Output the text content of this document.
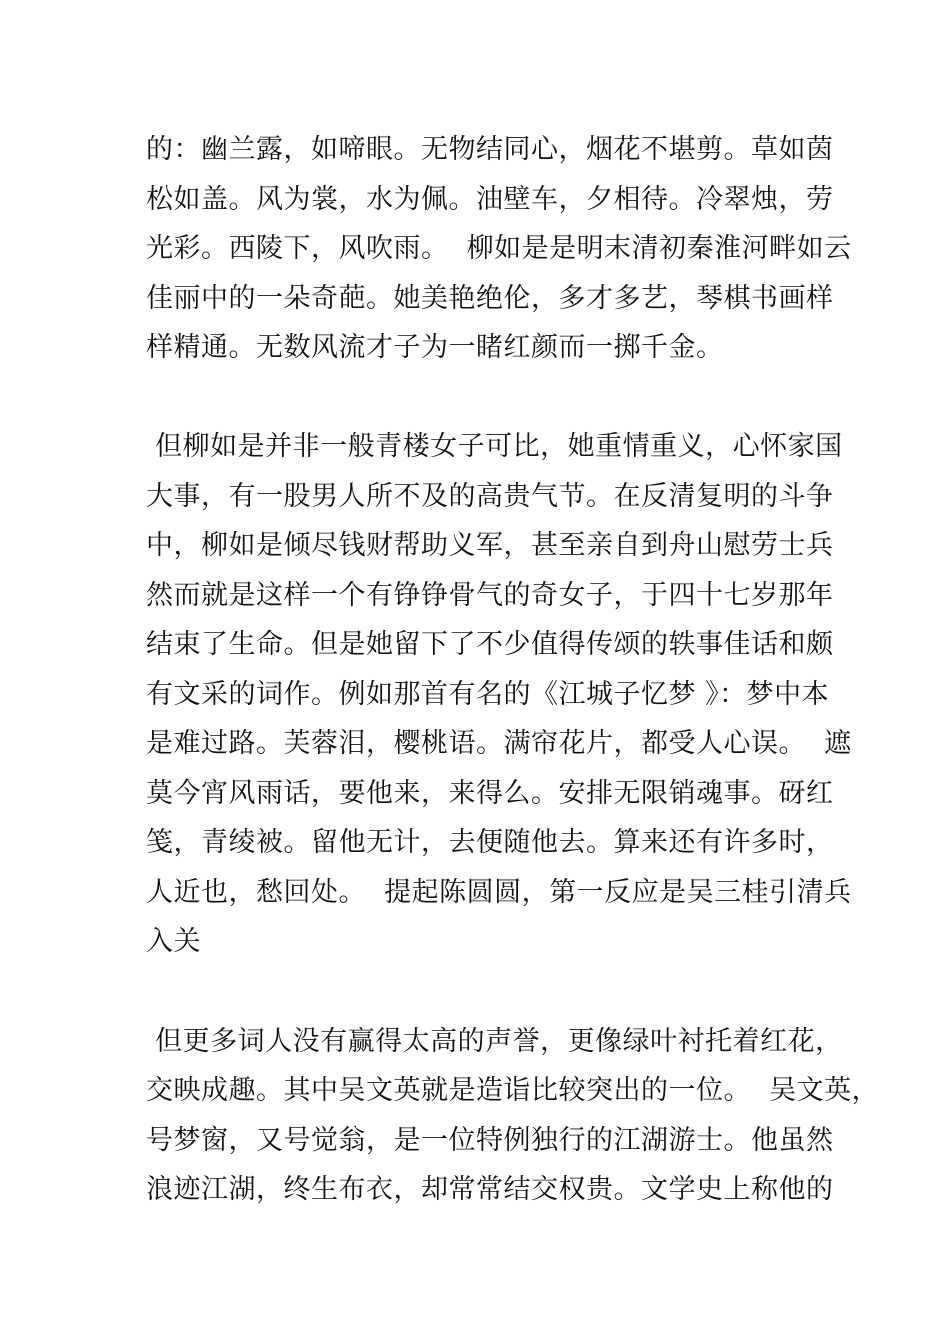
的：幽兰露，如啼眼。无物结同心，烟花不堪剪。草如茵

松如盖。风为裳，水为佩。油壁车，夕相待。冷翠烛，劳

光彩。西陵下，风吹雨。  柳如是是明末清初秦淮河畔如云

佳丽中的一朵奇葩。她美艳绝伦，多才多艺，琴棋书画样

样精通。无数风流才子为一睹红颜而一掷千金。

但柳如是并非一般青楼女子可比，她重情重义，心怀家国

大事，有一股男人所不及的高贵气节。在反清复明的斗争

中，柳如是倾尽钱财帮助义军，甚至亲自到舟山慰劳士兵

然而就是这样一个有铮铮骨气的奇女子，于四十七岁那年

结束了生命。但是她留下了不少值得传颂的轶事佳话和颇

有文采的词作。例如那首有名的《江城子忆梦 》：梦中本

是难过路。芙蓉泪，樱桃语。满帘花片，都受人心误。  遮

莫今宵风雨话，要他来，来得么。安排无限销魂事。砑红

笺，青绫被。留他无计，去便随他去。算来还有许多时，

人近也，愁回处。  提起陈圆圆，第一反应是吴三桂引清兵

入关

但更多词人没有赢得太高的声誉，更像绿叶衬托着红花，

交映成趣。其中吴文英就是造诣比较突出的一位。  吴文英，

号梦窗，又号觉翁，是一位特例独行的江湖游士。他虽然

浪迹江湖，终生布衣，却常常结交权贵。文学史上称他的
